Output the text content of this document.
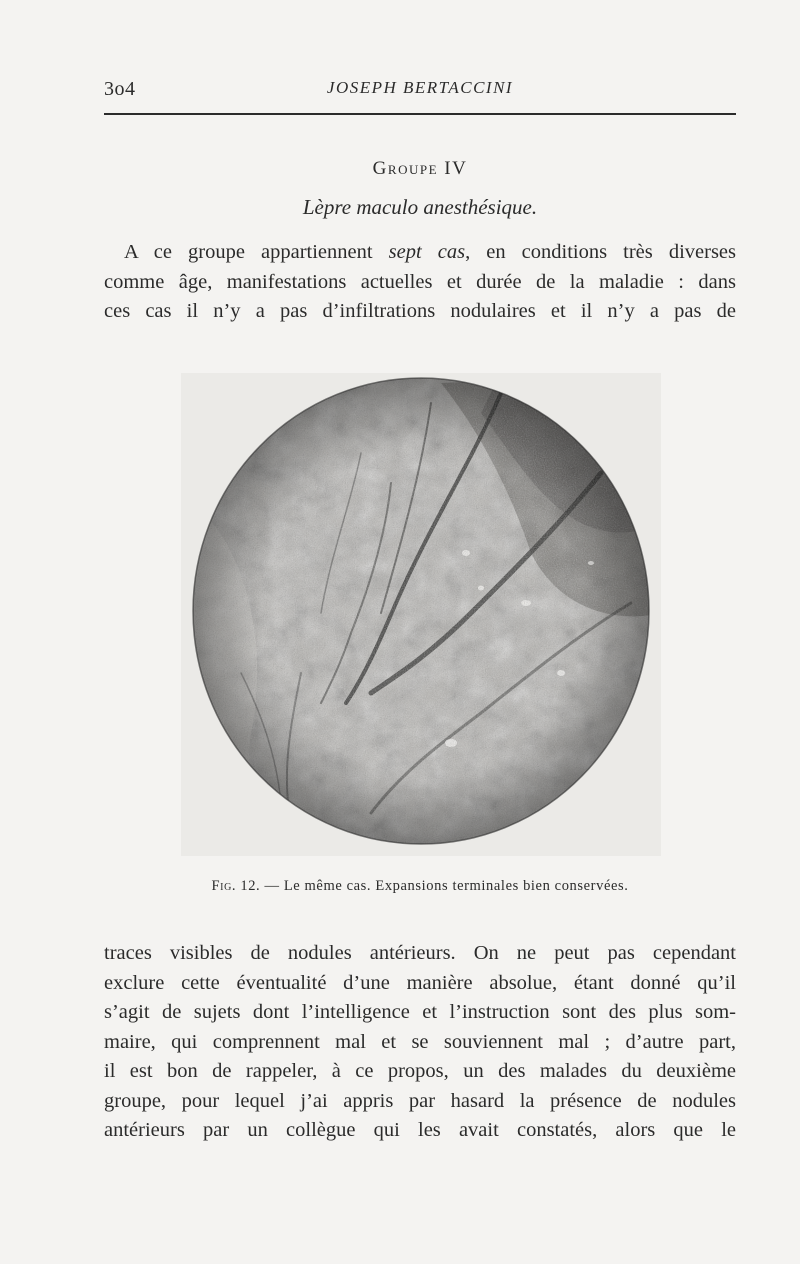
3o4	JOSEPH BERTACCINI
Groupe IV
Lèpre maculo anesthésique.
A ce groupe appartiennent sept cas, en conditions très diverses
comme âge, manifestations actuelles et durée de la maladie : dans
ces cas il n’y a pas d’infiltrations nodulaires et il n’y a pas de
Fig. 12. — Le même cas. Expansions terminales bien conservées.
traces visibles de nodules antérieurs. On ne peut pas cependant
exclure cette éventualité d’une manière absolue, étant donné qu’il
s’agit de sujets dont l’intelligence et l’instruction sont des plus som-
maire, qui comprennent mal et se souviennent mal ; d’autre part,
il est bon de rappeler, à ce propos, un des malades du deuxième
groupe, pour lequel j’ai appris par hasard la présence de nodules
antérieurs par un collègue qui les avait constatés, alors que le
